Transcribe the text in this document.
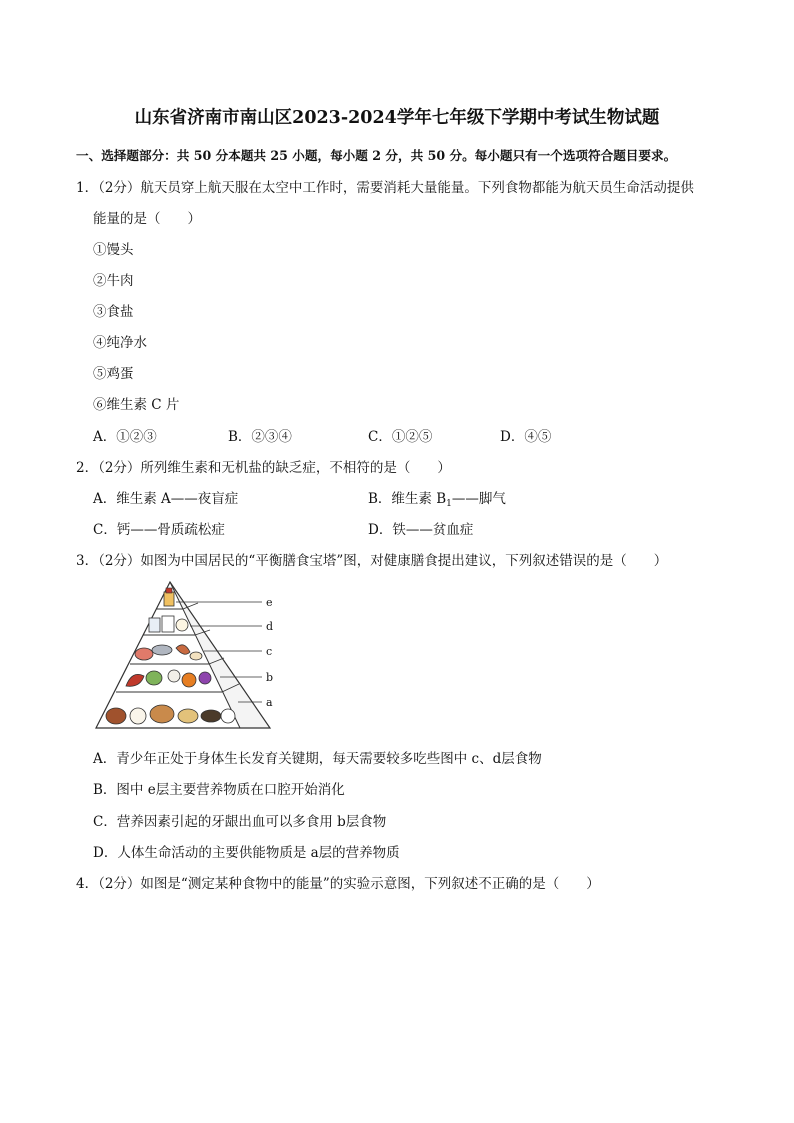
山东省济南市南山区2023-2024学年七年级下学期中考试生物试题
一、选择题部分：共 50 分本题共 25 小题，每小题 2 分，共 50 分。每小题只有一个选项符合题目要求。
1．（2分）航天员穿上航天服在太空中工作时，需要消耗大量能量。下列食物都能为航天员生命活动提供
能量的是（　　）
①馒头
②牛肉
③食盐
④纯净水
⑤鸡蛋
⑥维生素 C 片
A．①②③	B．②③④	C．①②⑤	D．④⑤
2．（2分）所列维生素和无机盐的缺乏症，不相符的是（　　）
A．维生素 A——夜盲症	B．维生素 $B_1——$脚气
C．钙——骨质疏松症	D．铁——贫血症
3．（2分）如图为中国居民的“平衡膳食宝塔”图，对健康膳食提出建议，下列叙述错误的是（　　）
e
d
c
b
a
A．青少年正处于身体生长发育关键期，每天需要较多吃些图中 c、d层食物
B．图中 e层主要营养物质在口腔开始消化
C．营养因素引起的牙龈出血可以多食用 b层食物
D．人体生命活动的主要供能物质是 a层的营养物质
4．（2分）如图是“测定某种食物中的能量”的实验示意图，下列叙述不正确的是（　　）
